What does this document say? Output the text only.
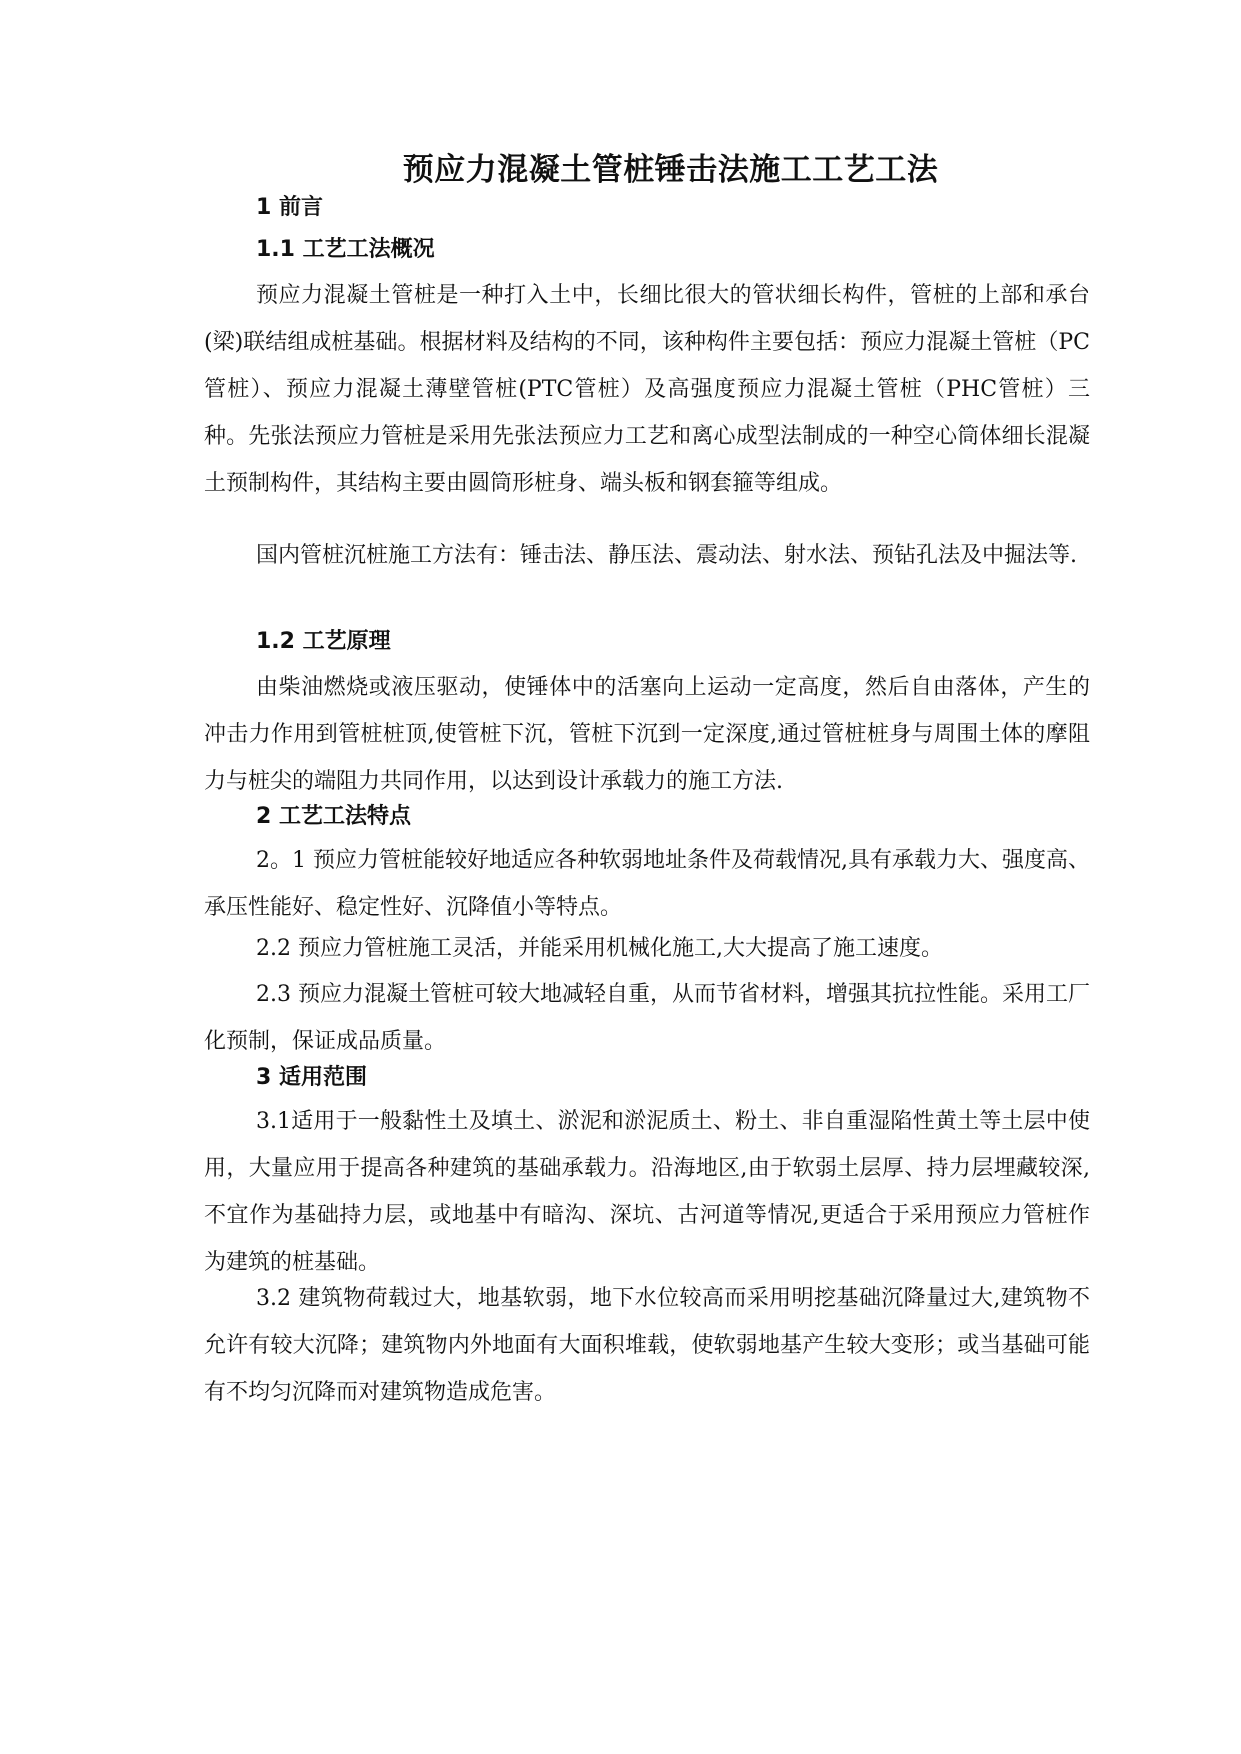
预应力混凝土管桩锤击法施工工艺工法
1 前言
1.1 工艺工法概况

预应力混凝土管桩是一种打入土中，长细比很大的管状细长构件，管桩的上部和承台(梁)联结组成桩基础。根据材料及结构的不同，该种构件主要包括：预应力混凝土管桩（PC管桩）、预应力混凝土薄壁管桩(PTC管桩）及高强度预应力混凝土管桩（PHC管桩）三种。先张法预应力管桩是采用先张法预应力工艺和离心成型法制成的一种空心筒体细长混凝土预制构件，其结构主要由圆筒形桩身、端头板和钢套箍等组成。

国内管桩沉桩施工方法有：锤击法、静压法、震动法、射水法、预钻孔法及中掘法等.

1.2 工艺原理

由柴油燃烧或液压驱动，使锤体中的活塞向上运动一定高度，然后自由落体，产生的冲击力作用到管桩桩顶,使管桩下沉，管桩下沉到一定深度,通过管桩桩身与周围土体的摩阻力与桩尖的端阻力共同作用，以达到设计承载力的施工方法.

2 工艺工法特点

2。1 预应力管桩能较好地适应各种软弱地址条件及荷载情况,具有承载力大、强度高、承压性能好、稳定性好、沉降值小等特点。

2.2 预应力管桩施工灵活，并能采用机械化施工,大大提高了施工速度。

2.3 预应力混凝土管桩可较大地减轻自重，从而节省材料，增强其抗拉性能。采用工厂化预制，保证成品质量。

3 适用范围

3.1适用于一般黏性土及填土、淤泥和淤泥质土、粉土、非自重湿陷性黄土等土层中使用，大量应用于提高各种建筑的基础承载力。沿海地区,由于软弱土层厚、持力层埋藏较深,不宜作为基础持力层，或地基中有暗沟、深坑、古河道等情况,更适合于采用预应力管桩作为建筑的桩基础。

3.2 建筑物荷载过大，地基软弱，地下水位较高而采用明挖基础沉降量过大,建筑物不允许有较大沉降；建筑物内外地面有大面积堆载，使软弱地基产生较大变形；或当基础可能有不均匀沉降而对建筑物造成危害。
